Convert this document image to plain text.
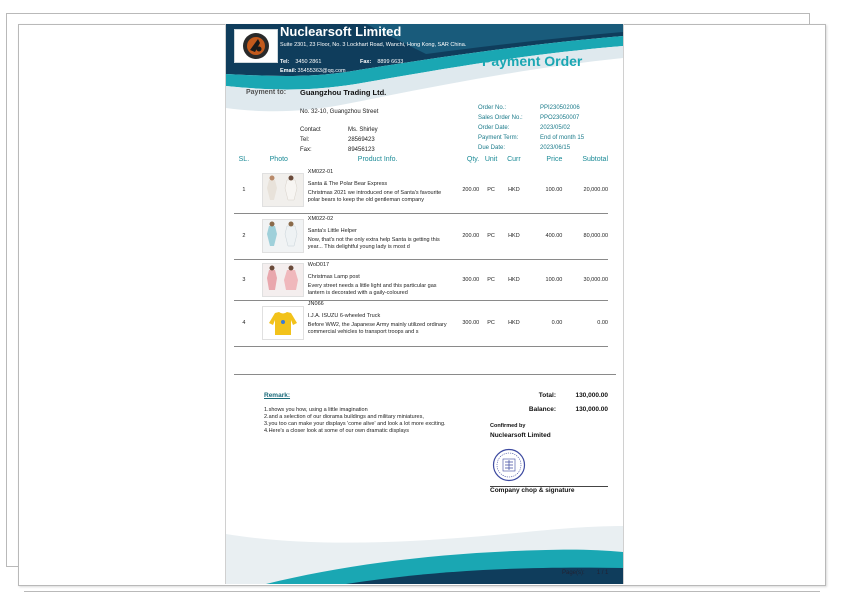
Nuclearsoft Limited
Suite 2301, 23 Floor, No. 3 Lockhart Road, Wanchi, Hong Kong, SAR China.
Tel: 3450 2861	Fax: 8899 6633
Email:35455363@qq.com
Payment Order
Payment to: Guangzhou Trading Ltd.
No. 32-10, Guangzhou Street
Contact	Ms. Shirley
Tel:	28569423
Fax:	89456123
Order No.:	PPI230502006
Sales Order No.:	PPO23050007
Order Date:	2023/05/02
Payment Term:	End of month 15
Due Date:	2023/06/15
SL.	Photo	Product Info.	Qty.	Unit	Curr	Price	Subtotal
1		XM022-01
Santa & The Polar Bear Express
Christmas 2021 we introduced one of Santa's favourite polar bears to keep the old gentleman company	200.00	PC	HKD	100.00	20,000.00
2		XM022-02
Santa's Little Helper
Now, that's not the only extra help Santa is getting this year... This delightful young lady is most d	200.00	PC	HKD	400.00	80,000.00
3		WoD017
Christmas Lamp post
Every street needs a little light and this particular gas lantern is decorated with a gaily-coloured	300.00	PC	HKD	100.00	30,000.00
4		JN066
I.J.A. ISUZU 6-wheeled Truck
Before WW2, the Japanese Army mainly utilized ordinary commercial vehicles to transport troops and s	300.00	PC	HKD	0.00	0.00
Remark:
1.shows you how, using a little imagination
2.and a selection of our diorama buildings and military miniatures,
3.you too can make your displays 'come alive' and look a lot more exciting.
4.Here's a closer look at some of our own dramatic displays
Total:	130,000.00
Balance:	130,000.00
Confirmed by
Nuclearsoft Limited
Company chop & signature
Page(s): 1 / 1
